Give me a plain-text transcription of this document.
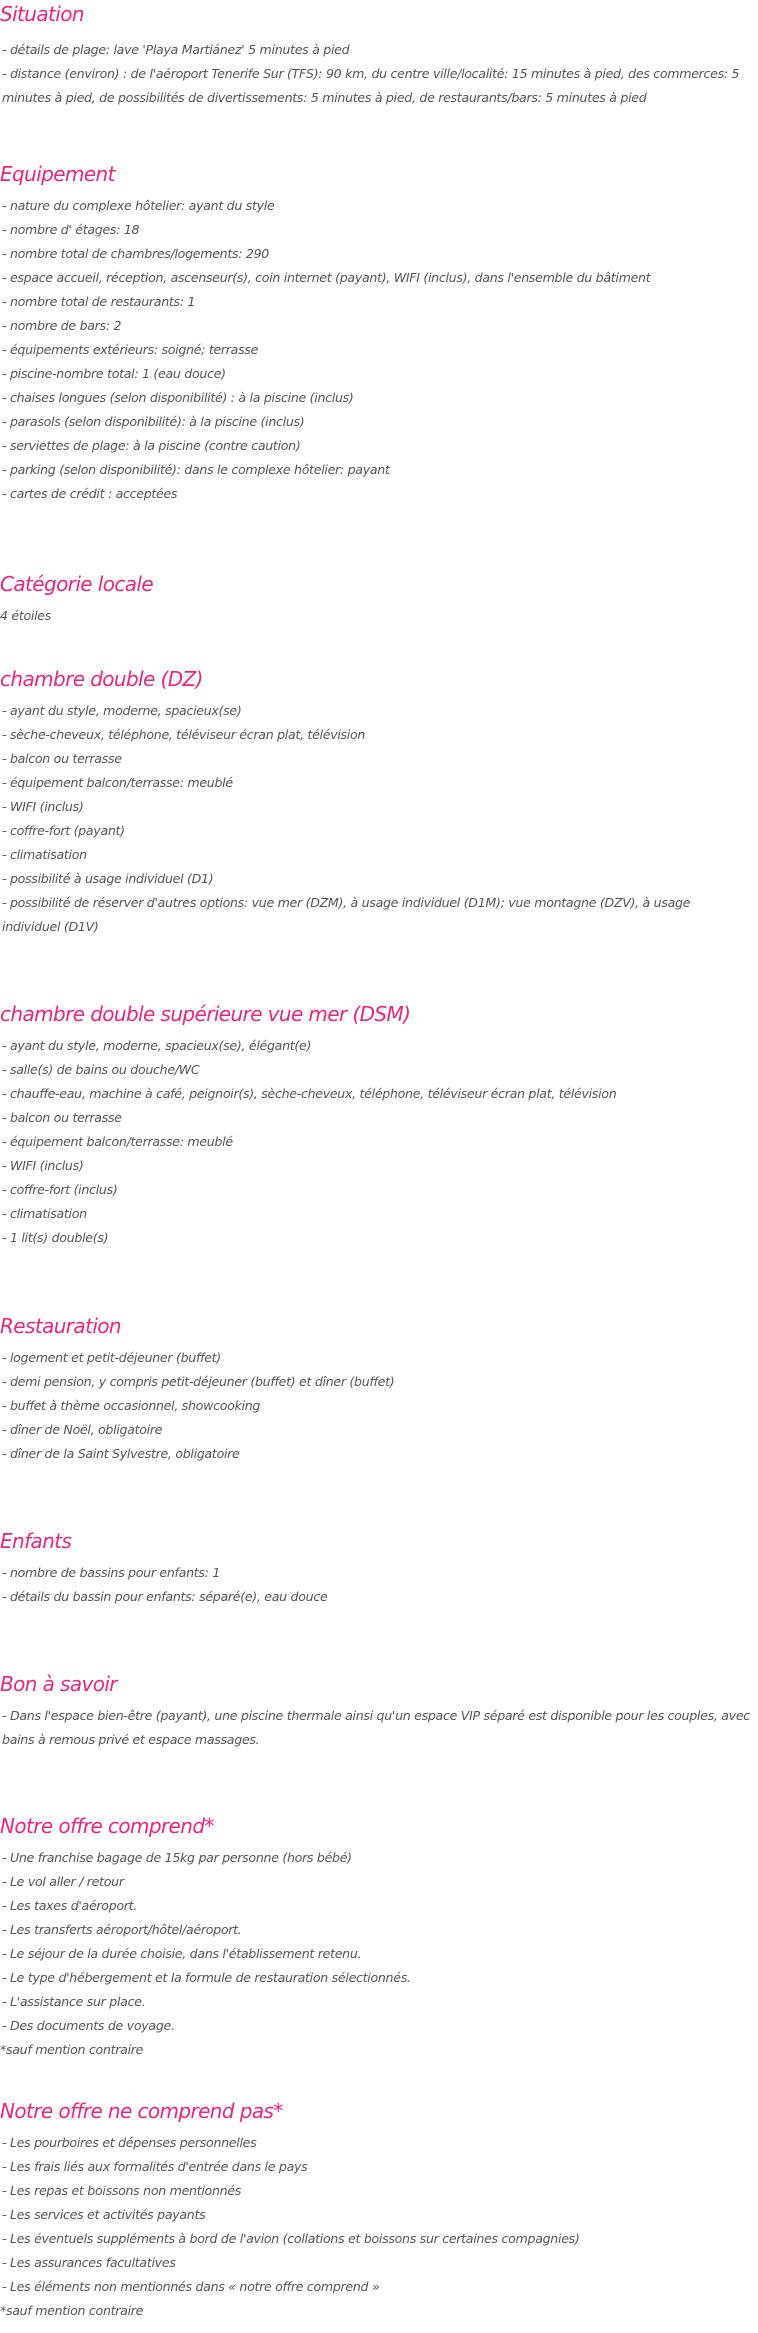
Situation
- détails de plage: lave 'Playa Martiánez' 5 minutes à pied
- distance (environ) : de l'aéroport Tenerife Sur (TFS): 90 km, du centre ville/localité: 15 minutes à pied, des commerces: 5 minutes à pied, de possibilités de divertissements: 5 minutes à pied, de restaurants/bars: 5 minutes à pied
Equipement
- nature du complexe hôtelier: ayant du style
- nombre d' étages: 18
- nombre total de chambres/logements: 290
- espace accueil, réception, ascenseur(s), coin internet (payant), WIFI (inclus), dans l'ensemble du bâtiment
- nombre total de restaurants: 1
- nombre de bars: 2
- équipements extérieurs: soigné; terrasse
- piscine-nombre total: 1 (eau douce)
- chaises longues (selon disponibilité) : à la piscine (inclus)
- parasols (selon disponibilité): à la piscine (inclus)
- serviettes de plage: à la piscine (contre caution)
- parking (selon disponibilité): dans le complexe hôtelier: payant
- cartes de crédit : acceptées
Catégorie locale
4 étoiles
chambre double (DZ)
- ayant du style, moderne, spacieux(se)
- sèche-cheveux, téléphone, téléviseur écran plat, télévision
- balcon ou terrasse
- équipement balcon/terrasse: meublé
- WIFI (inclus)
- coffre-fort (payant)
- climatisation
- possibilité à usage individuel (D1)
- possibilité de réserver d'autres options: vue mer (DZM), à usage individuel (D1M); vue montagne (DZV), à usage individuel (D1V)
chambre double supérieure vue mer (DSM)
- ayant du style, moderne, spacieux(se), élégant(e)
- salle(s) de bains ou douche/WC
- chauffe-eau, machine à café, peignoir(s), sèche-cheveux, téléphone, téléviseur écran plat, télévision
- balcon ou terrasse
- équipement balcon/terrasse: meublé
- WIFI (inclus)
- coffre-fort (inclus)
- climatisation
- 1 lit(s) double(s)
Restauration
- logement et petit-déjeuner (buffet)
- demi pension, y compris petit-déjeuner (buffet) et dîner (buffet)
- buffet à thème occasionnel, showcooking
- dîner de Noël, obligatoire
- dîner de la Saint Sylvestre, obligatoire
Enfants
- nombre de bassins pour enfants: 1
- détails du bassin pour enfants: séparé(e), eau douce
Bon à savoir
- Dans l'espace bien-être (payant), une piscine thermale ainsi qu'un espace VIP séparé est disponible pour les couples, avec bains à remous privé et espace massages.
Notre offre comprend*
- Une franchise bagage de 15kg par personne (hors bébé)
- Le vol aller / retour
- Les taxes d'aéroport.
- Les transferts aéroport/hôtel/aéroport.
- Le séjour de la durée choisie, dans l'établissement retenu.
- Le type d'hébergement et la formule de restauration sélectionnés.
- L'assistance sur place.
- Des documents de voyage.
*sauf mention contraire
Notre offre ne comprend pas*
- Les pourboires et dépenses personnelles
- Les frais liés aux formalités d'entrée dans le pays
- Les repas et boissons non mentionnés
- Les services et activités payants
- Les éventuels suppléments à bord de l'avion (collations et boissons sur certaines compagnies)
- Les assurances facultatives
- Les éléments non mentionnés dans « notre offre comprend »
*sauf mention contraire
